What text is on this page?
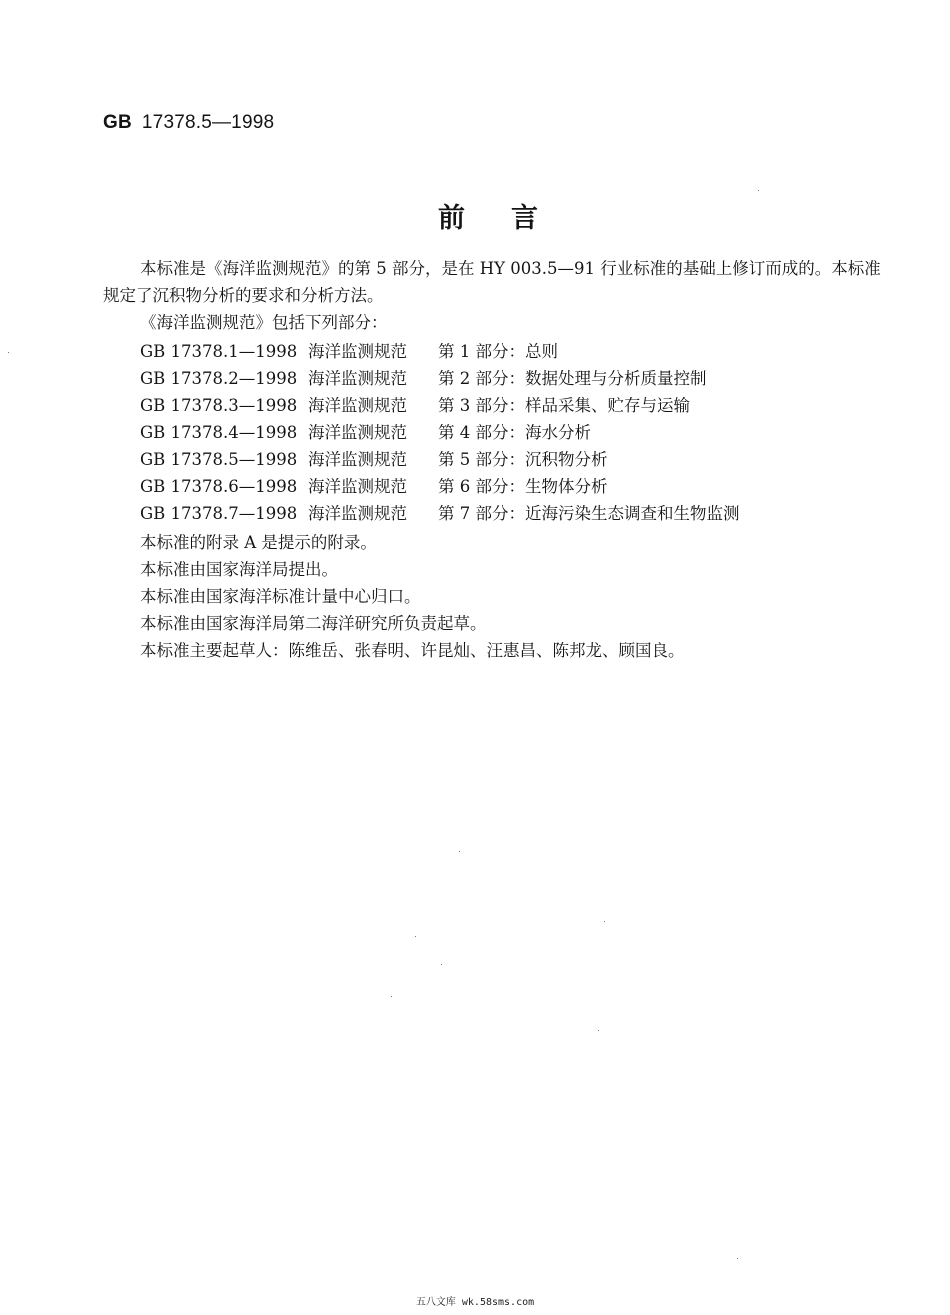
GB 17378.5—1998
前言
本标准是《海洋监测规范》的第 5 部分，是在 HY 003.5—91 行业标准的基础上修订而成的。本标准
规定了沉积物分析的要求和分析方法。
《海洋监测规范》包括下列部分：
GB 17378.1—1998 海洋监测规范 第 1 部分：总则
GB 17378.2—1998 海洋监测规范 第 2 部分：数据处理与分析质量控制
GB 17378.3—1998 海洋监测规范 第 3 部分：样品采集、贮存与运输
GB 17378.4—1998 海洋监测规范 第 4 部分：海水分析
GB 17378.5—1998 海洋监测规范 第 5 部分：沉积物分析
GB 17378.6—1998 海洋监测规范 第 6 部分：生物体分析
GB 17378.7—1998 海洋监测规范 第 7 部分：近海污染生态调查和生物监测
本标准的附录 A 是提示的附录。
本标准由国家海洋局提出。
本标准由国家海洋标准计量中心归口。
本标准由国家海洋局第二海洋研究所负责起草。
本标准主要起草人：陈维岳、张春明、许昆灿、汪惠昌、陈邦龙、顾国良。
五八文库 wk.58sms.com
